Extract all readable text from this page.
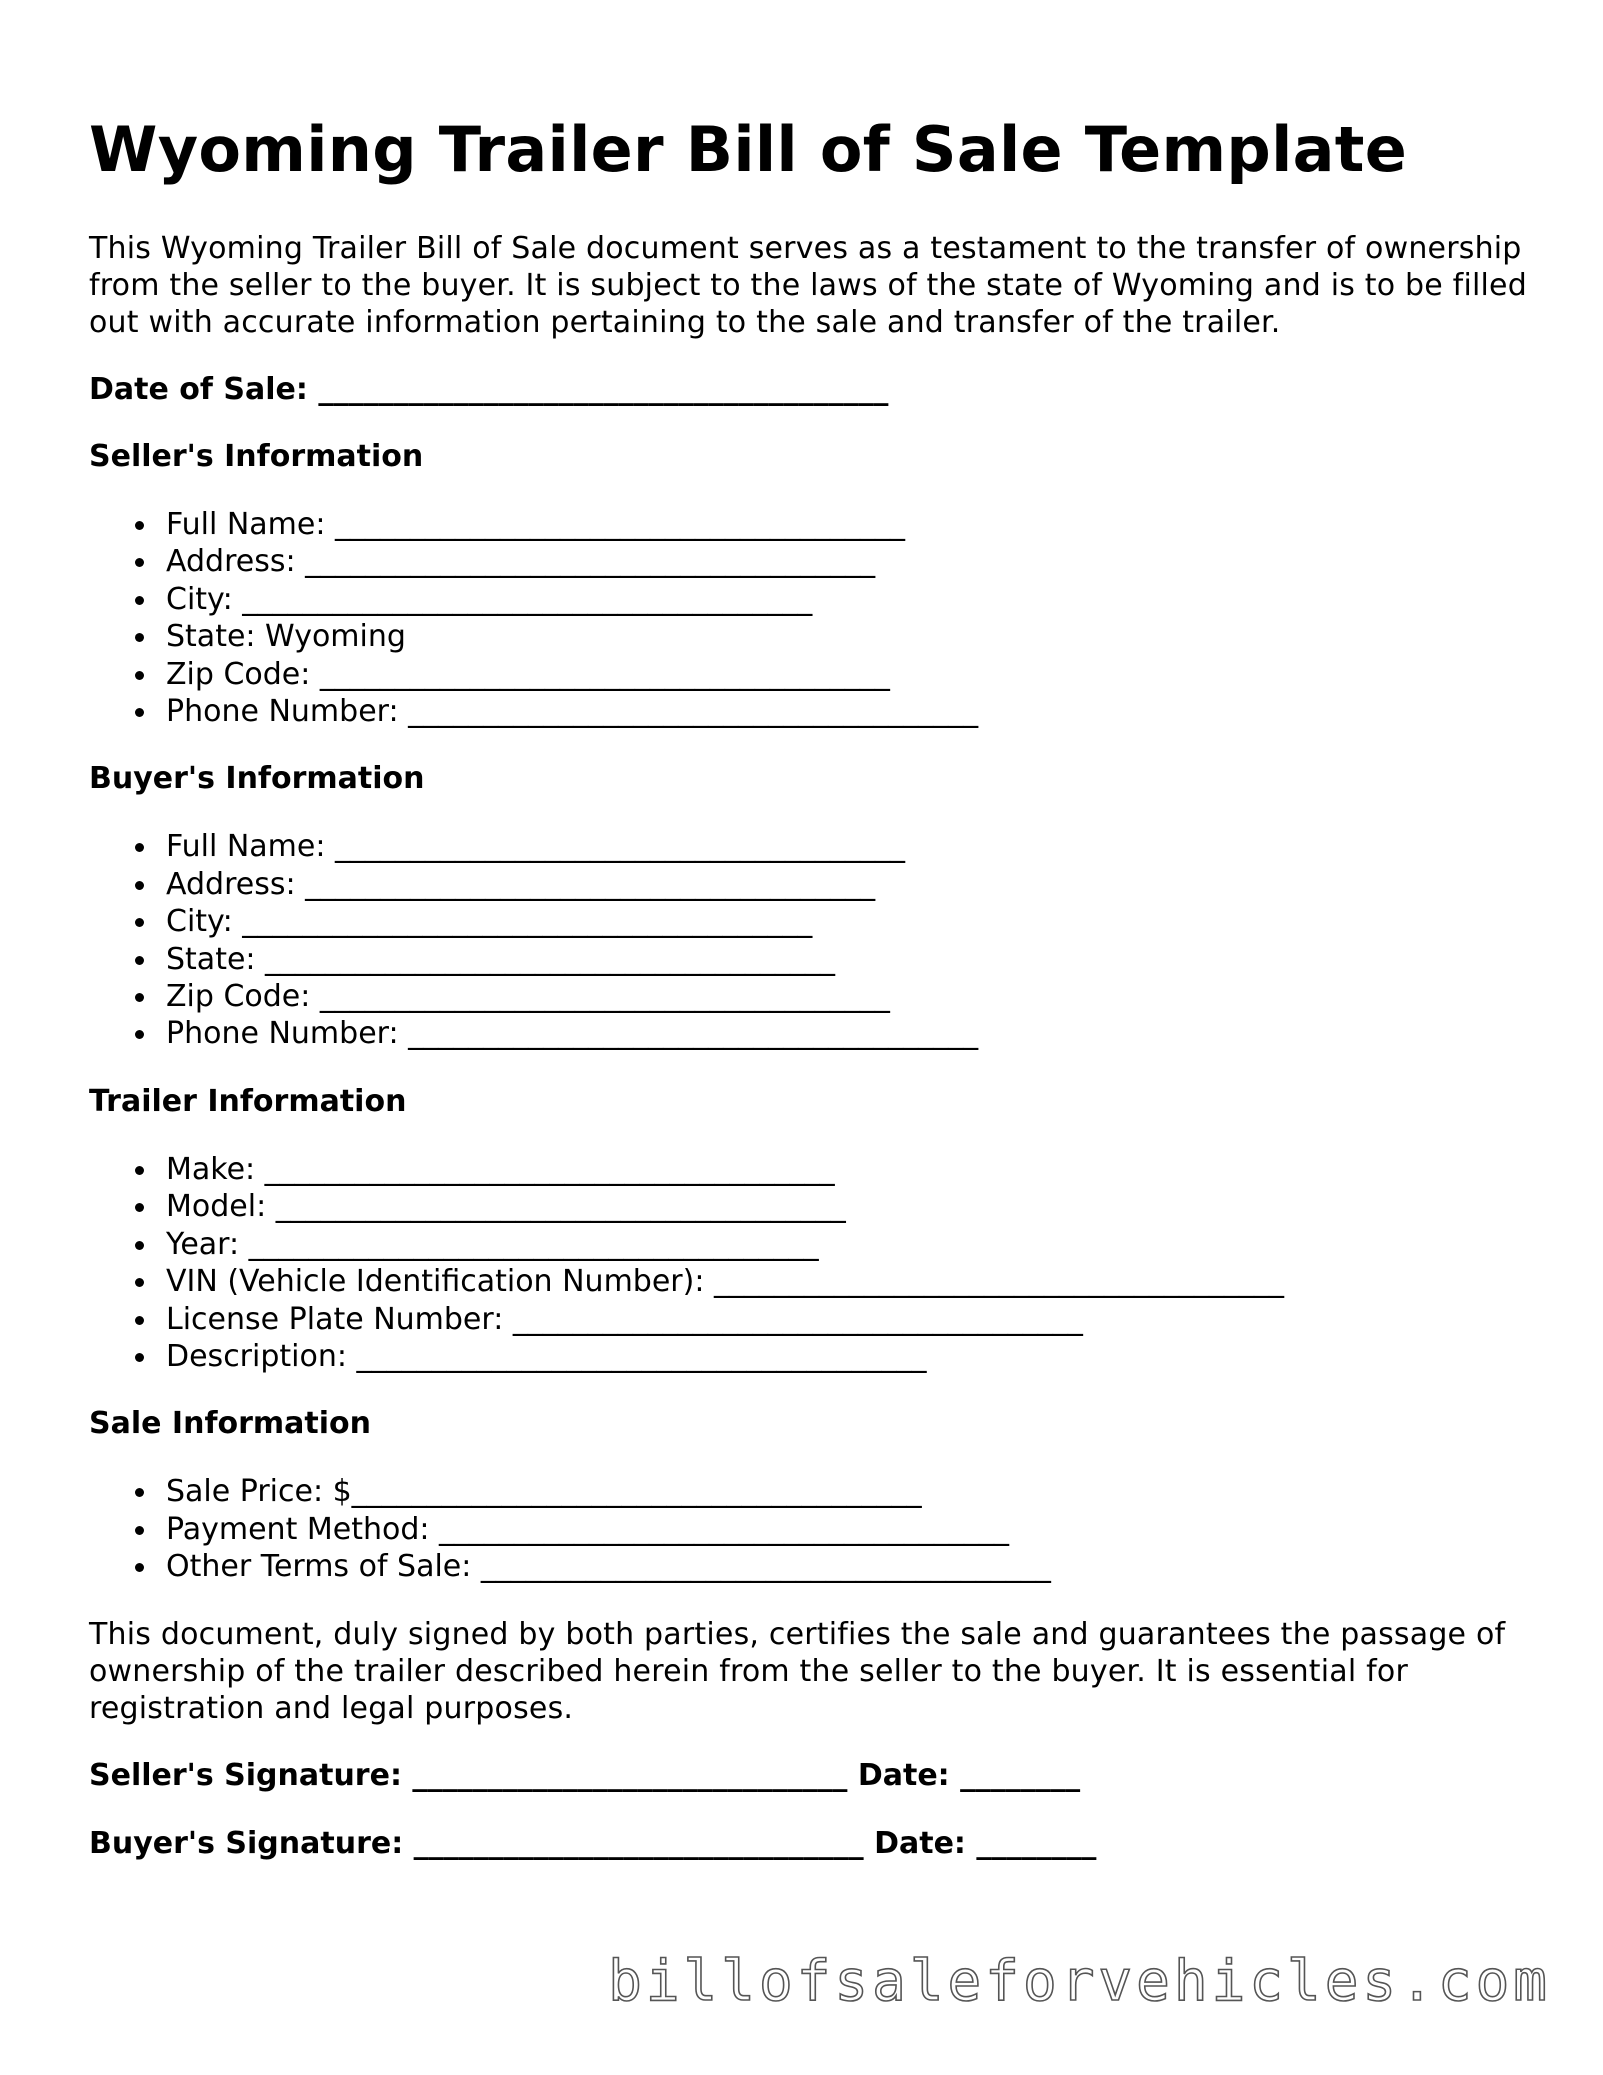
Wyoming Trailer Bill of Sale Template

This Wyoming Trailer Bill of Sale document serves as a testament to the transfer of ownership from the seller to the buyer. It is subject to the laws of the state of Wyoming and is to be filled out with accurate information pertaining to the sale and transfer of the trailer.

Date of Sale: ______________________________________
Seller's Information
Full Name: ______________________________________
Address: ______________________________________
City: ______________________________________
State: Wyoming
Zip Code: ______________________________________
Phone Number: ______________________________________
Buyer's Information
Full Name: ______________________________________
Address: ______________________________________
City: ______________________________________
State: ______________________________________
Zip Code: ______________________________________
Phone Number: ______________________________________
Trailer Information
Make: ______________________________________
Model: ______________________________________
Year: ______________________________________
VIN (Vehicle Identification Number): ______________________________________
License Plate Number: ______________________________________
Description: ______________________________________
Sale Information
Sale Price: $______________________________________
Payment Method: ______________________________________
Other Terms of Sale: ______________________________________

This document, duly signed by both parties, certifies the sale and guarantees the passage of ownership of the trailer described herein from the seller to the buyer. It is essential for registration and legal purposes.

Seller's Signature: _____________________________ Date: ________
Buyer's Signature: ______________________________ Date: ________
billofsaleforvehicles.com
